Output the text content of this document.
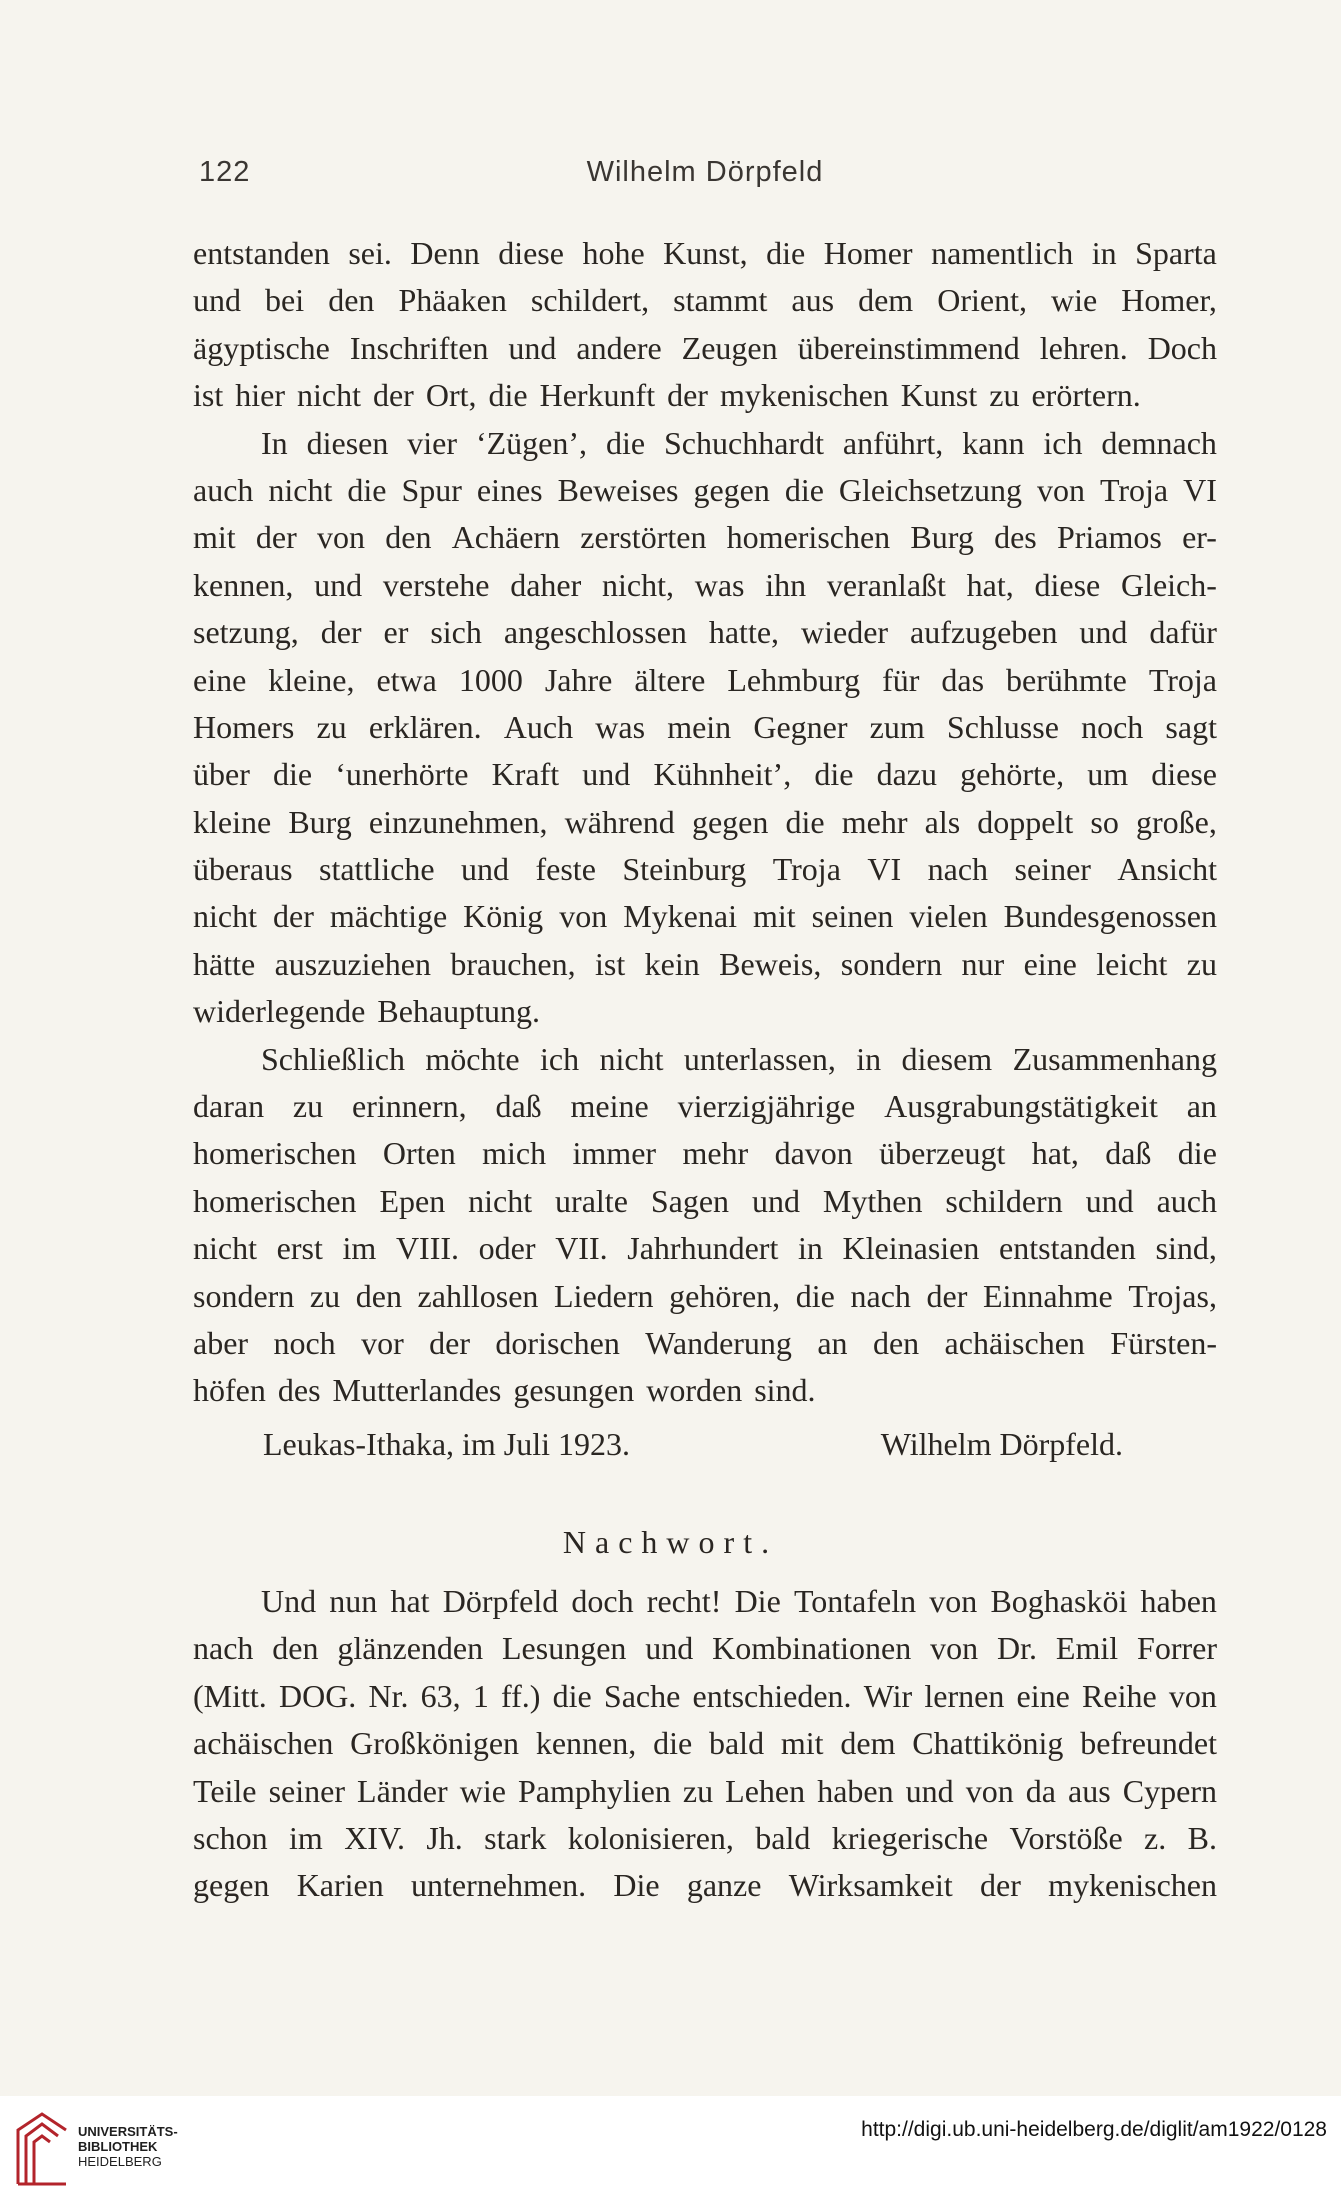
122	Wilhelm Dörpfeld
entstanden sei. Denn diese hohe Kunst, die Homer namentlich in Sparta
und bei den Phäaken schildert, stammt aus dem Orient, wie Homer,
ägyptische Inschriften und andere Zeugen übereinstimmend lehren. Doch
ist hier nicht der Ort, die Herkunft der mykenischen Kunst zu erörtern.
In diesen vier ‘Zügen’, die Schuchhardt anführt, kann ich demnach
auch nicht die Spur eines Beweises gegen die Gleichsetzung von Troja VI
mit der von den Achäern zerstörten homerischen Burg des Priamos er-
kennen, und verstehe daher nicht, was ihn veranlaßt hat, diese Gleich-
setzung, der er sich angeschlossen hatte, wieder aufzugeben und dafür
eine kleine, etwa 1000 Jahre ältere Lehmburg für das berühmte Troja
Homers zu erklären. Auch was mein Gegner zum Schlusse noch sagt
über die ‘unerhörte Kraft und Kühnheit’, die dazu gehörte, um diese
kleine Burg einzunehmen, während gegen die mehr als doppelt so große,
überaus stattliche und feste Steinburg Troja VI nach seiner Ansicht
nicht der mächtige König von Mykenai mit seinen vielen Bundesgenossen
hätte auszuziehen brauchen, ist kein Beweis, sondern nur eine leicht zu
widerlegende Behauptung.
Schließlich möchte ich nicht unterlassen, in diesem Zusammenhang
daran zu erinnern, daß meine vierzigjährige Ausgrabungstätigkeit an
homerischen Orten mich immer mehr davon überzeugt hat, daß die
homerischen Epen nicht uralte Sagen und Mythen schildern und auch
nicht erst im VIII. oder VII. Jahrhundert in Kleinasien entstanden sind,
sondern zu den zahllosen Liedern gehören, die nach der Einnahme Trojas,
aber noch vor der dorischen Wanderung an den achäischen Fürsten-
höfen des Mutterlandes gesungen worden sind.
Leukas-Ithaka, im Juli 1923.	Wilhelm Dörpfeld.
Nachwort.
Und nun hat Dörpfeld doch recht! Die Tontafeln von Boghasköi haben
nach den glänzenden Lesungen und Kombinationen von Dr. Emil Forrer
(Mitt. DOG. Nr. 63, 1 ff.) die Sache entschieden. Wir lernen eine Reihe von
achäischen Großkönigen kennen, die bald mit dem Chattikönig befreundet
Teile seiner Länder wie Pamphylien zu Lehen haben und von da aus Cypern
schon im XIV. Jh. stark kolonisieren, bald kriegerische Vorstöße z. B.
gegen Karien unternehmen. Die ganze Wirksamkeit der mykenischen
UNIVERSITÄTS-
BIBLIOTHEK
HEIDELBERG
http://digi.ub.uni-heidelberg.de/diglit/am1922/0128
